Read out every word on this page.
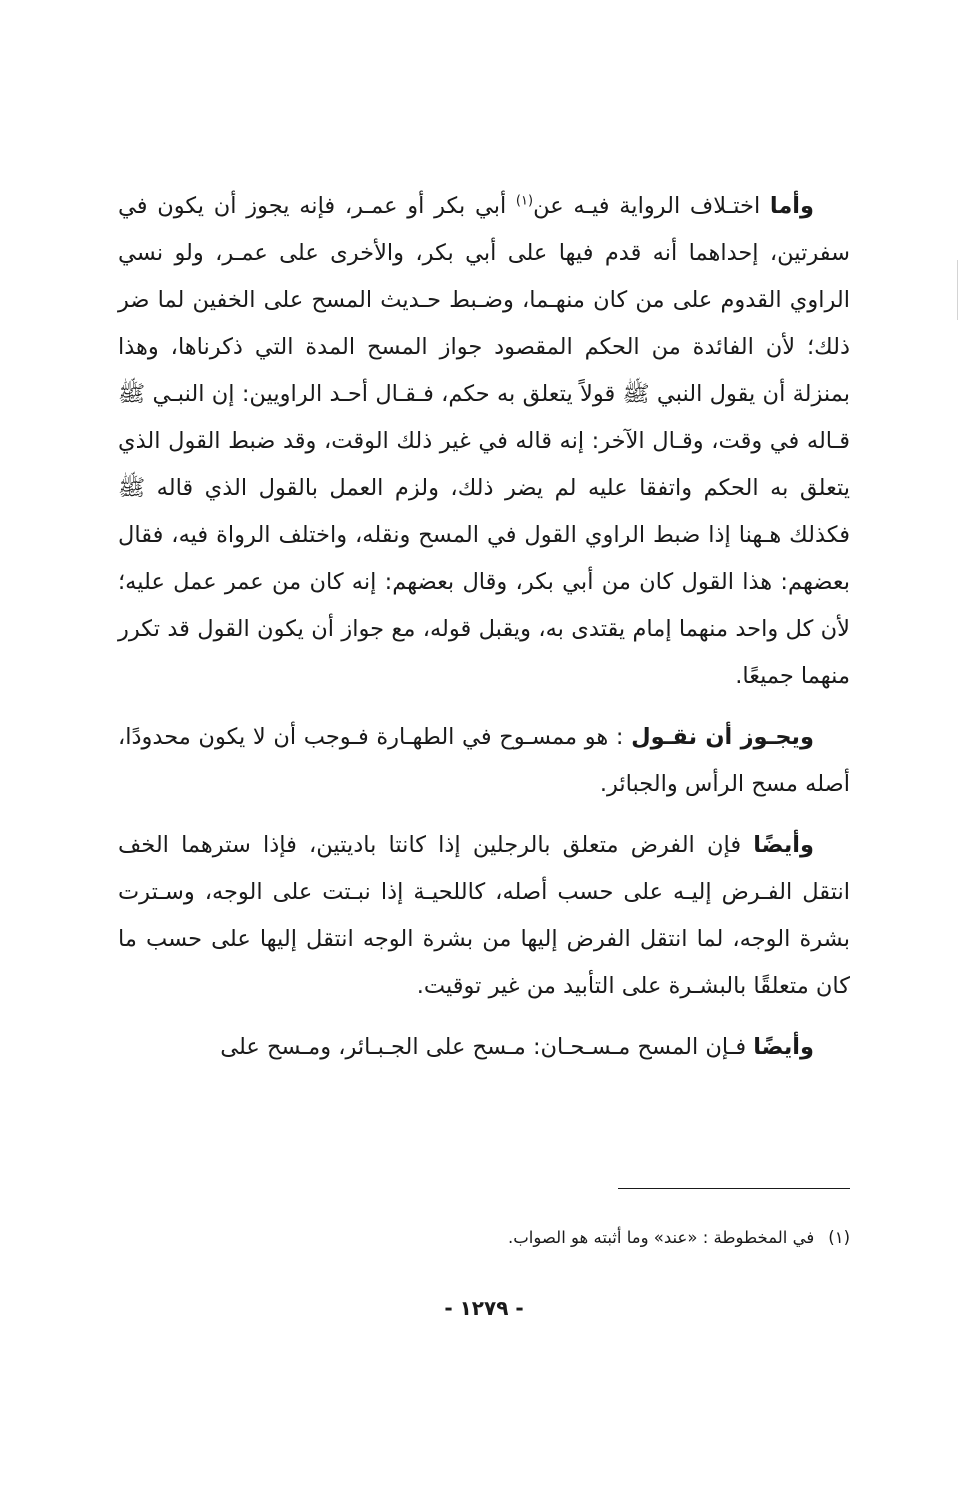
وأما اختـلاف الرواية فيـه عن$^{(١)}$ أبي بكر أو عمـر، فإنه يجوز أن يكون في سفرتين، إحداهما أنه قدم فيها على أبي بكر، والأخرى على عمـر، ولو نسي الراوي القدوم على من كان منهـما، وضـبط حـديث المسح على الخفين لما ضر ذلك؛ لأن الفائدة من الحكم المقصود جواز المسح المدة التي ذكرناها، وهذا بمنزلة أن يقول النبي ﷺ قولاً يتعلق به حكم، فـقـال أحـد الراويين: إن النبـي ﷺ قـاله في وقت، وقـال الآخر: إنه قاله في غير ذلك الوقت، وقد ضبط القول الذي يتعلق به الحكم واتفقا عليه لم يضر ذلك، ولزم العمل بالقول الذي قاله ﷺ فكذلك هـهنا إذا ضبط الراوي القول في المسح ونقله، واختلف الرواة فيه، فقال بعضهم: هذا القول كان من أبي بكر، وقال بعضهم: إنه كان من عمر عمل عليه؛ لأن كل واحد منهما إمام يقتدى به، ويقبل قوله، مع جواز أن يكون القول قد تكرر منهما جميعًا.

ويجـوز أن نقـول : هو ممسـوح في الطهـارة فـوجب أن لا يكون محدودًا، أصله مسح الرأس والجبائر.

وأيضًا فإن الفرض متعلق بالرجلين إذا كانتا باديتين، فإذا سترهما الخف انتقل الفـرض إليـه على حسب أصله، كاللحيـة إذا نبـتت على الوجه، وسـترت بشرة الوجه، لما انتقل الفرض إليها من بشرة الوجه انتقل إليها على حسب ما كان متعلقًا بالبشـرة على التأبيد من غير توقيت.

وأيضًا فـإن المسح مـسـحـان: مـسح على الجـبـائر، ومـسح على

(١)في المخطوطة : «عند» وما أثبته هو الصواب.
- ١٢٧٩ -
